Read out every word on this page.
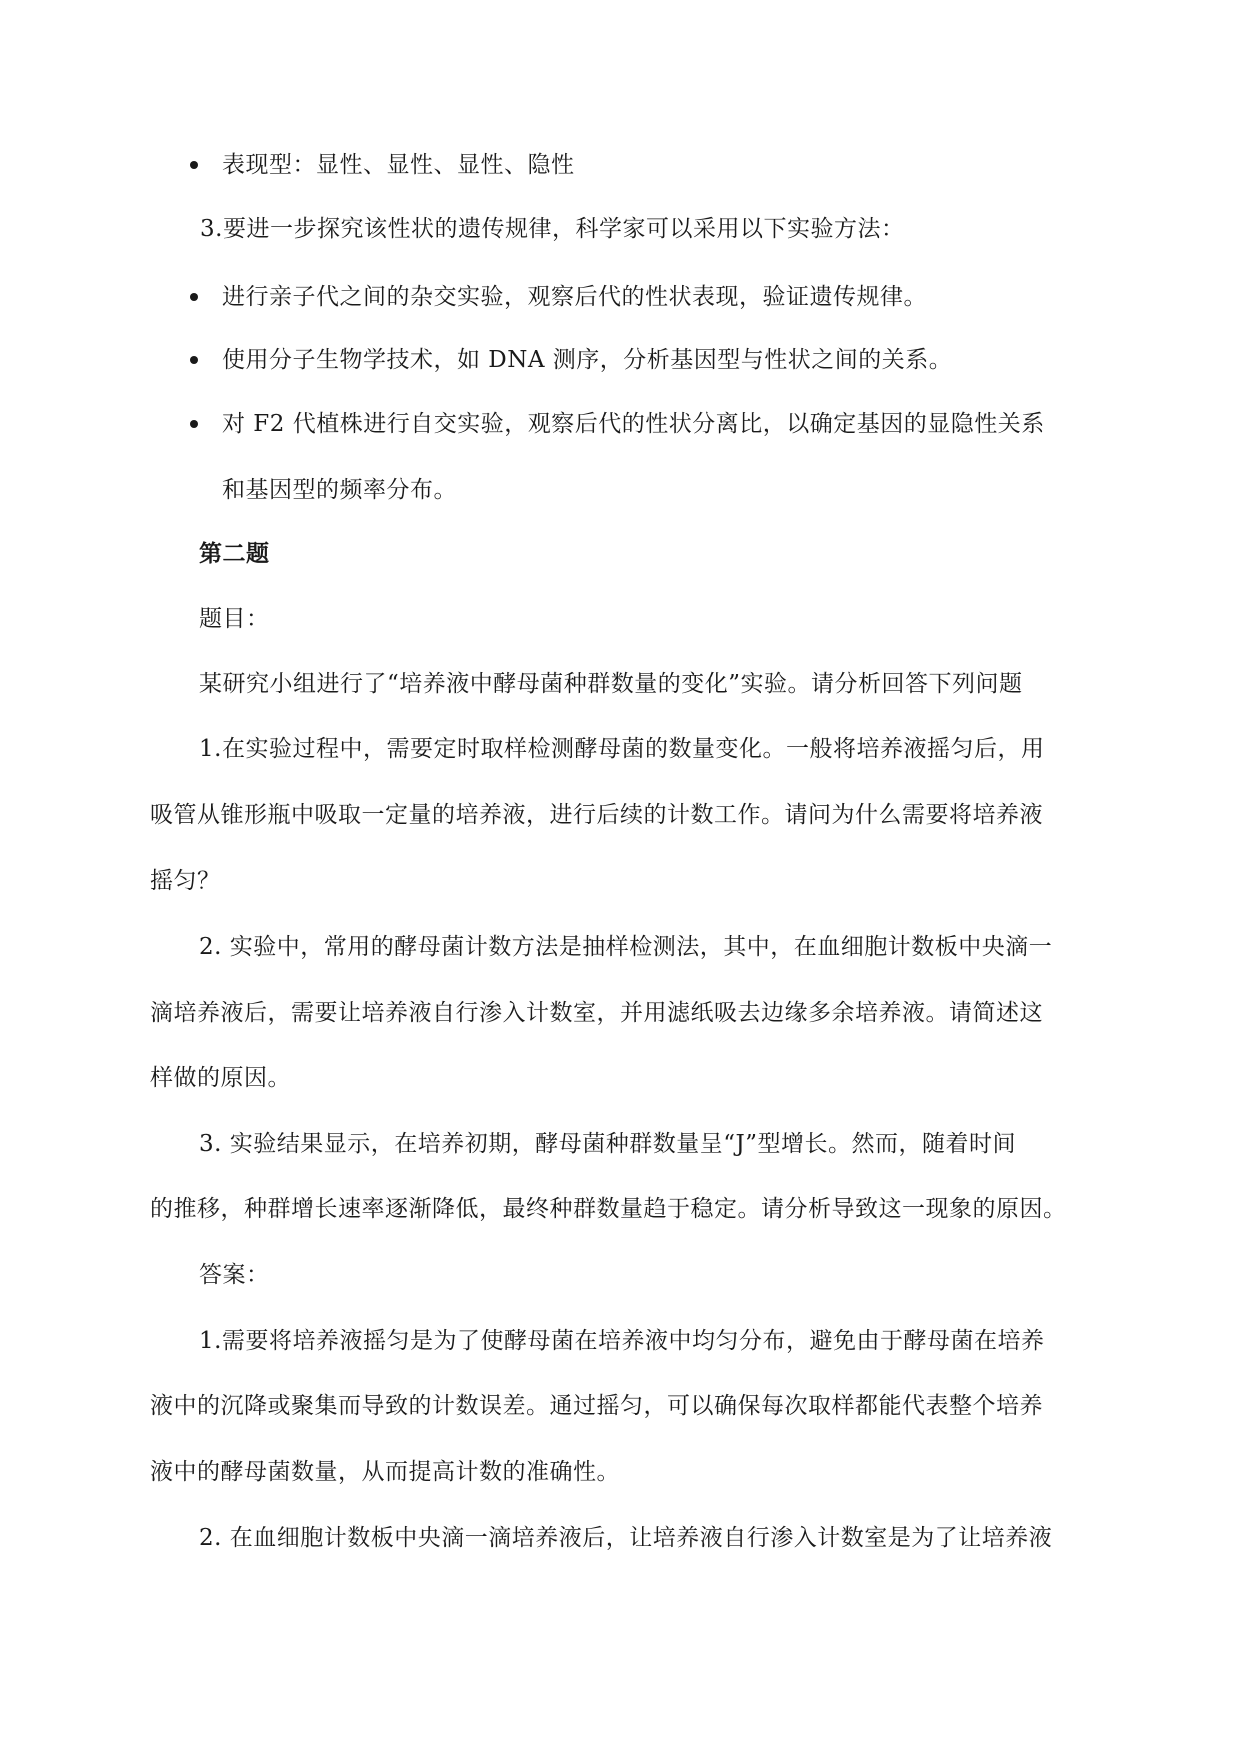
表现型：显性、显性、显性、隐性
3.要进一步探究该性状的遗传规律，科学家可以采用以下实验方法：
进行亲子代之间的杂交实验，观察后代的性状表现，验证遗传规律。
使用分子生物学技术，如 DNA 测序，分析基因型与性状之间的关系。
对 F2 代植株进行自交实验，观察后代的性状分离比，以确定基因的显隐性关系
和基因型的频率分布。
第二题
题目：
某研究小组进行了“培养液中酵母菌种群数量的变化”实验。请分析回答下列问题
1.在实验过程中，需要定时取样检测酵母菌的数量变化。一般将培养液摇匀后，用
吸管从锥形瓶中吸取一定量的培养液，进行后续的计数工作。请问为什么需要将培养液
摇匀？
2. 实验中，常用的酵母菌计数方法是抽样检测法，其中，在血细胞计数板中央滴一
滴培养液后，需要让培养液自行渗入计数室，并用滤纸吸去边缘多余培养液。请简述这
样做的原因。
3. 实验结果显示，在培养初期，酵母菌种群数量呈“J”型增长。然而，随着时间
的推移，种群增长速率逐渐降低，最终种群数量趋于稳定。请分析导致这一现象的原因。
答案：
1.需要将培养液摇匀是为了使酵母菌在培养液中均匀分布，避免由于酵母菌在培养
液中的沉降或聚集而导致的计数误差。通过摇匀，可以确保每次取样都能代表整个培养
液中的酵母菌数量，从而提高计数的准确性。
2. 在血细胞计数板中央滴一滴培养液后，让培养液自行渗入计数室是为了让培养液
